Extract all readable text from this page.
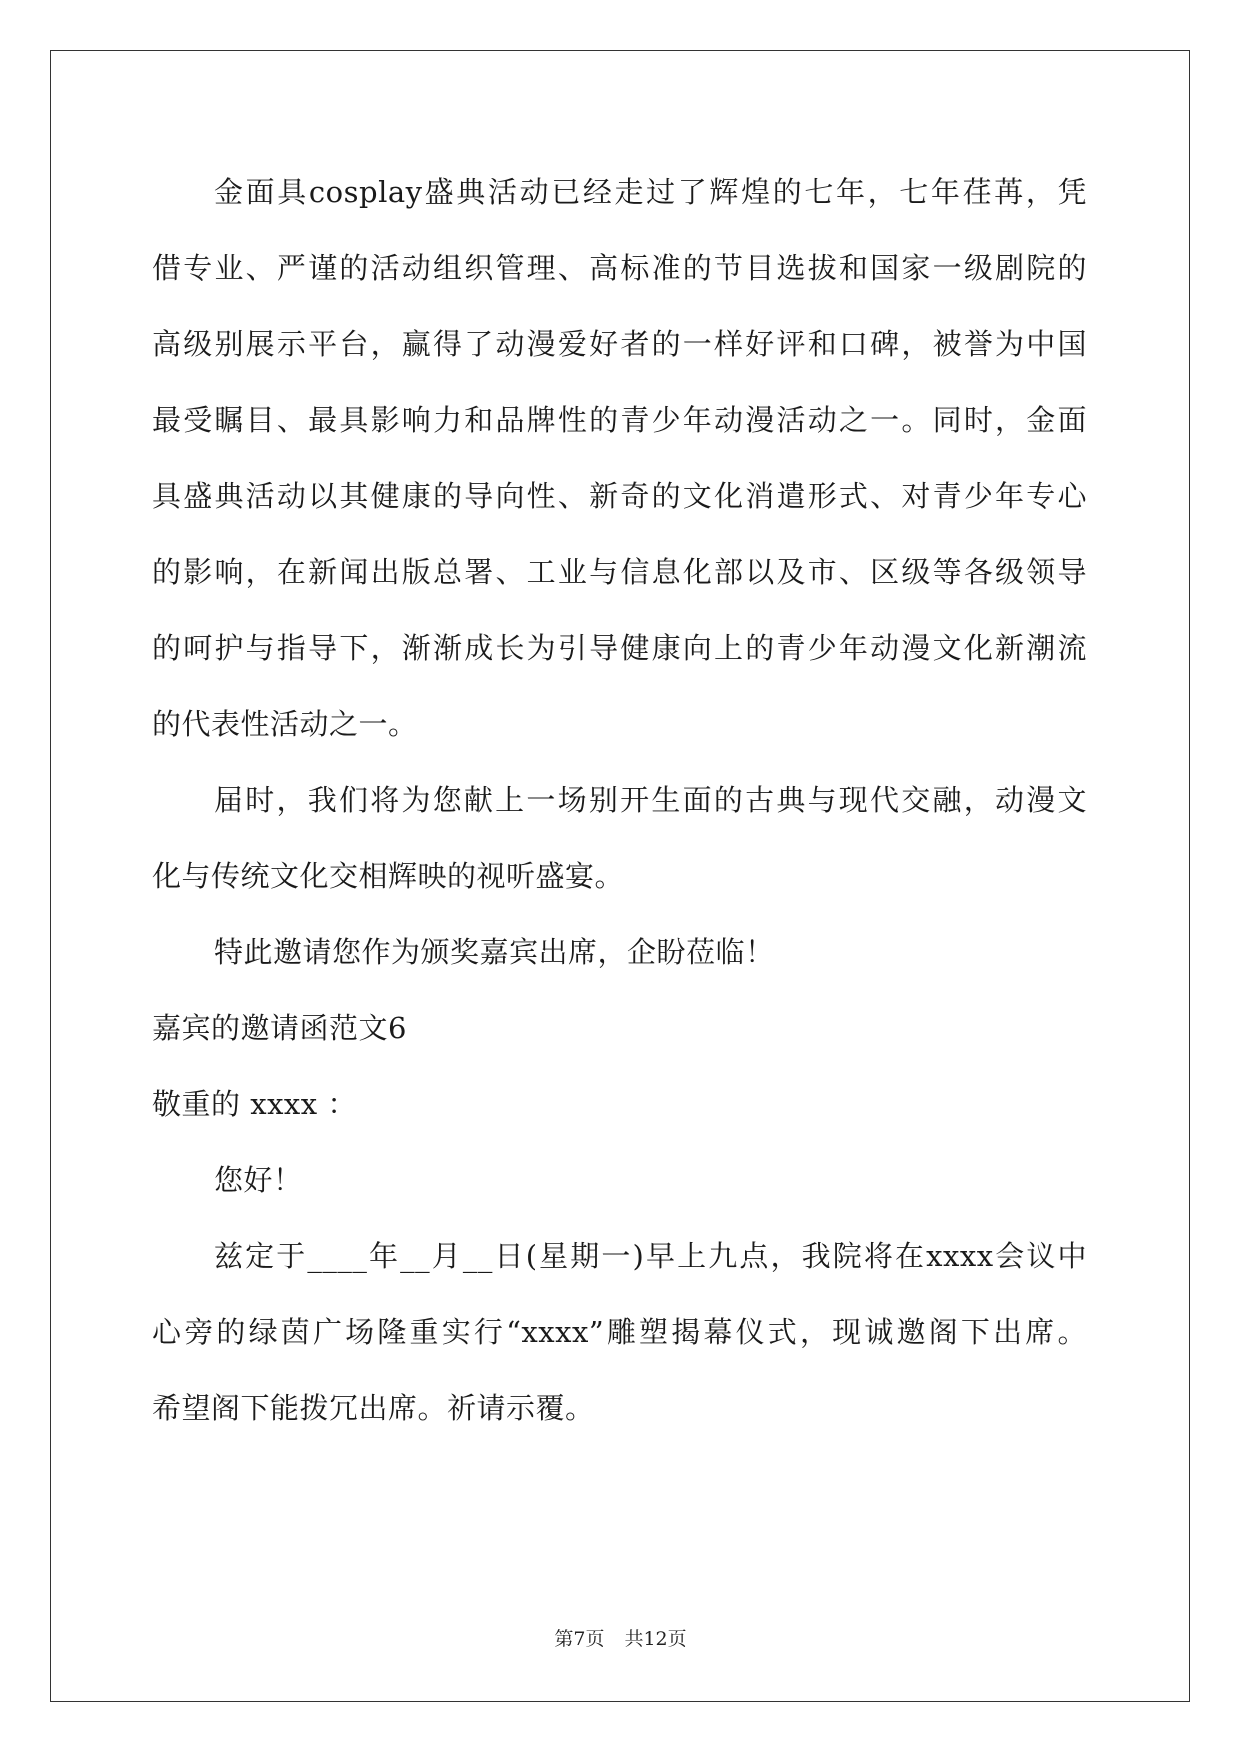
金面具cosplay盛典活动已经走过了辉煌的七年，七年荏苒，凭
借专业、严谨的活动组织管理、高标准的节目选拔和国家一级剧院的
高级别展示平台，赢得了动漫爱好者的一样好评和口碑，被誉为中国
最受瞩目、最具影响力和品牌性的青少年动漫活动之一。同时，金面
具盛典活动以其健康的导向性、新奇的文化消遣形式、对青少年专心
的影响，在新闻出版总署、工业与信息化部以及市、区级等各级领导
的呵护与指导下，渐渐成长为引导健康向上的青少年动漫文化新潮流
的代表性活动之一。
届时，我们将为您献上一场别开生面的古典与现代交融，动漫文
化与传统文化交相辉映的视听盛宴。
特此邀请您作为颁奖嘉宾出席，企盼莅临！
嘉宾的邀请函范文6
敬重的 xxxx ：
您好！
兹定于____年__月__日(星期一)早上九点，我院将在xxxx会议中
心旁的绿茵广场隆重实行“xxxx”雕塑揭幕仪式，现诚邀阁下出席。
希望阁下能拨冗出席。祈请示覆。
第7页 共12页
